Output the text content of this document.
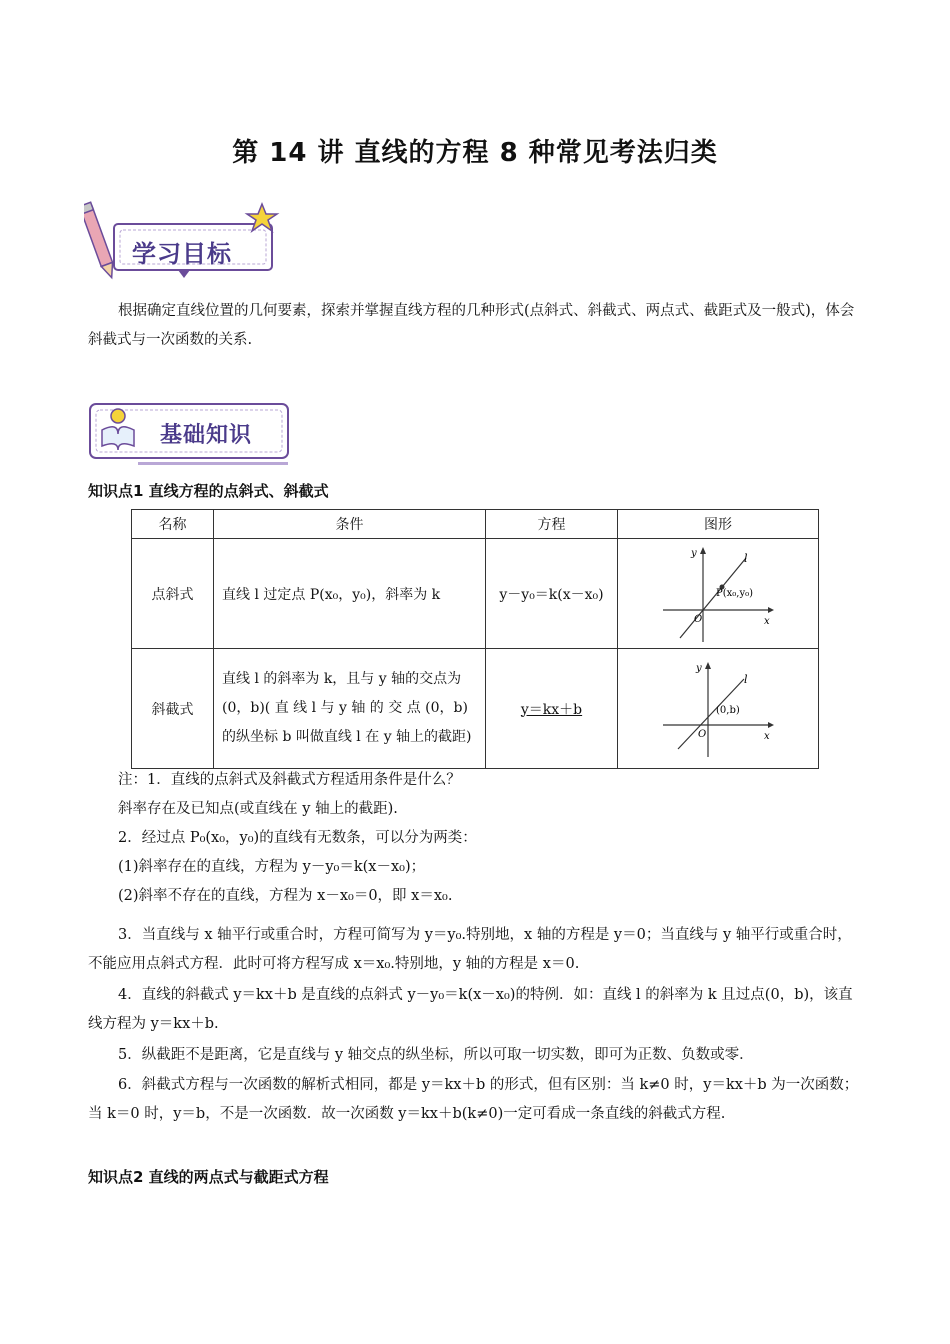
第 14 讲 直线的方程 8 种常见考法归类
学习目标
根据确定直线位置的几何要素，探索并掌握直线方程的几种形式(点斜式、斜截式、两点式、截距式及一般式)，体会斜截式与一次函数的关系.
基础知识
知识点1 直线方程的点斜式、斜截式
名称	条件	方程	图形
点斜式	直线 l 过定点 P(x₀，y₀)，斜率为 k	y－y₀＝k(x－x₀)	y l
P(x₀,y₀)
O x

斜截式	直线 l 的斜率为 k，且与 y 轴的交点为 (0，b)( 直 线 l 与 y 轴 的 交 点 (0，b)的纵坐标 b 叫做直线 l 在 y 轴上的截距)	y＝kx＋b	y
l
(0,b)
O x
注：1．直线的点斜式及斜截式方程适用条件是什么？
斜率存在及已知点(或直线在 y 轴上的截距).
2．经过点 P₀(x₀，y₀)的直线有无数条，可以分为两类：
(1)斜率存在的直线，方程为 y－y₀＝k(x－x₀)；
(2)斜率不存在的直线，方程为 x－x₀＝0，即 x＝x₀.
3．当直线与 x 轴平行或重合时，方程可简写为 y＝y₀.特别地，x 轴的方程是 y＝0；当直线与 y 轴平行或重合时，不能应用点斜式方程．此时可将方程写成 x＝x₀.特别地，y 轴的方程是 x＝0.
4．直线的斜截式 y＝kx＋b 是直线的点斜式 y－y₀＝k(x－x₀)的特例．如：直线 l 的斜率为 k 且过点(0，b)，该直线方程为 y＝kx＋b.
5．纵截距不是距离，它是直线与 y 轴交点的纵坐标，所以可取一切实数，即可为正数、负数或零．
6．斜截式方程与一次函数的解析式相同，都是 y＝kx＋b 的形式，但有区别：当 k≠0 时，y＝kx＋b 为一次函数；当 k＝0 时，y＝b，不是一次函数．故一次函数 y＝kx＋b(k≠0)一定可看成一条直线的斜截式方程.
知识点2 直线的两点式与截距式方程
